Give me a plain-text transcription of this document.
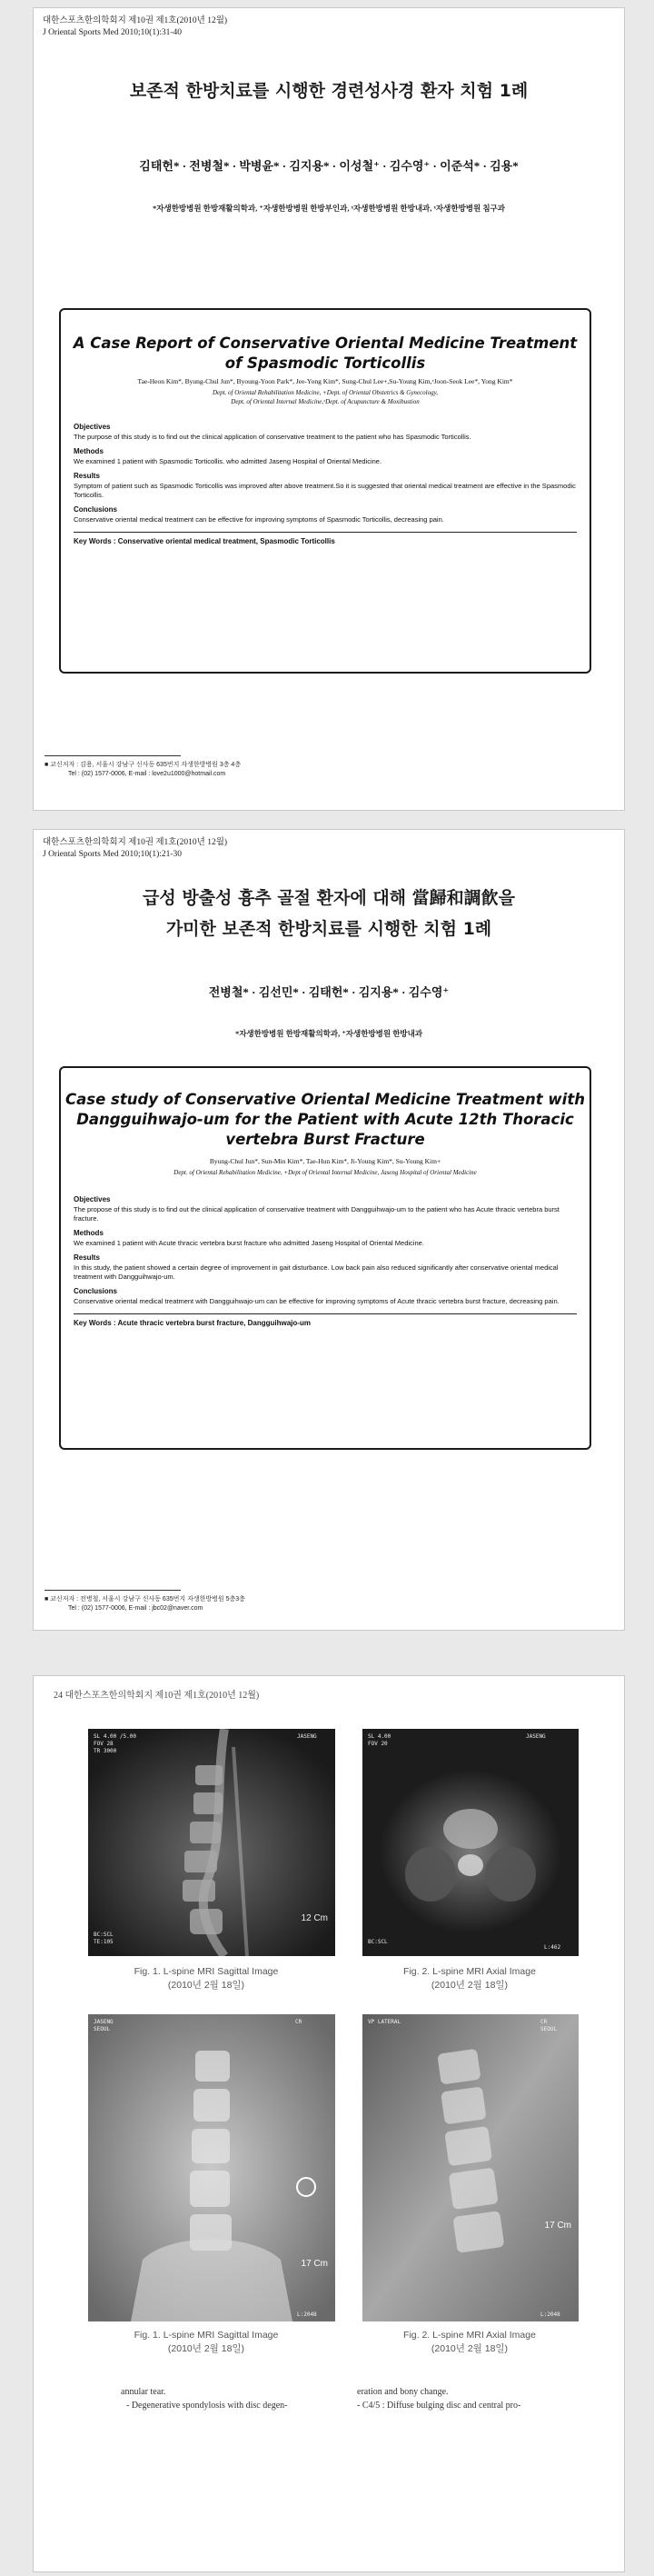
대한스포츠한의학회지 제10권 제1호(2010년 12월)
J Oriental Sports Med 2010;10(1):31-40
보존적 한방치료를 시행한 경련성사경 환자 치험 1례
김태헌* · 전병철* · 박병윤* · 김지용* · 이성철⁺ · 김수영⁺ · 이준석* · 김용*
*자생한방병원 한방재활의학과, ⁺자생한방병원 한방부인과, ˣ자생한방병원 한방내과, ˣ자생한방병원 침구과
A Case Report of Conservative Oriental Medicine Treatment
of Spasmodic Torticollis
Tae-Heon Kim*, Byung-Chul Jun*, Byoung-Yoon Park*, Jee-Yong Kim*, Sung-Chul Lee+,Su-Young Kim,ˣJoon-Seok Lee*, Yong Kim*
Dept. of Oriental Rehabilitation Medicine, +Dept. of Oriental Obstetrics & Gynecology,
Dept. of Oriental Internal Medicine,ˣDept. of Acupuncture & Moxibustion
Objectives
The purpose of this study is to find out the clinical application of conservative treatment to the patient who has Spasmodic Torticollis.
Methods
We examined 1 patient with Spasmodic Torticollis. who admitted Jaseng Hospital of Oriental Medicine.
Results
Symptom of patient such as Spasmodic Torticollis was improved after above treatment.So it is suggested that oriental medical treatment are effective in the Spasmodic Torticollis.
Conclusions
Conservative oriental medical treatment can be effective for improving symptoms of Spasmodic Torticollis, decreasing pain.
Key Words : Conservative oriental medical treatment, Spasmodic Torticollis
■ 교신저자 : 김용, 서울시 강남구 신사동 635번지 자생한방병원 3층 4층
Tel : (02) 1577-0006, E-mail : love2u1000@hotmail.com
대한스포츠한의학회지 제10권 제1호(2010년 12월)
J Oriental Sports Med 2010;10(1):21-30
급성 방출성 흉추 골절 환자에 대해 當歸和調飮을
가미한 보존적 한방치료를 시행한 치험 1례
전병철* · 김선민* · 김태헌* · 김지용* · 김수영⁺
*자생한방병원 한방재활의학과, ⁺자생한방병원 한방내과
Case study of Conservative Oriental Medicine Treatment with
Dangguihwajo-um for the Patient with Acute 12th Thoracic
vertebra Burst Fracture
Byung-Chul Jun*, Sun-Min Kim*, Tae-Hun Kim*, Ji-Young Kim*, Su-Young Kim+
Dept. of Oriental Rehabilitation Medicine, +Dept of Oriental Internal Medicine, Jaseng Hospital of Oriental Medicine
Objectives
The propose of this study is to find out the clinical application of conservative treatment with Dangguihwajo-um to the patient who has Acute thracic vertebra burst fracture.
Methods
We examined 1 patient with Acute thracic vertebra burst fracture who admitted Jaseng Hospital of Oriental Medicine.
Results
In this study, the patient showed a certain degree of improvement in gait disturbance. Low back pain also reduced significantly after conservative oriental medical treatment with Dangguihwajo-um.
Conclusions
Conservative oriental medical treatment with Dangguihwajo-um can be effective for improving symptoms of Acute thracic vertebra burst fracture, decreasing pain.
Key Words : Acute thracic vertebra burst fracture, Dangguihwajo-um
■ 교신저자 : 전병철, 서울시 강남구 신사동 635번지 자생한방병원 5층3층
Tel : (02) 1577-0006, E-mail : jbc02@naver.com
24 대한스포츠한의학회지 제10권 제1호(2010년 12월)
SL 4.00 /5.00
FOV 28
TR 3000
BC:SCL
TE:105
JASENG
12 Cm
SL 4.00
FOV 20
JASENG
BC:SCL
L:462
Fig. 1. L-spine MRI Sagittal Image
(2010년 2월 18일)
Fig. 2. L-spine MRI Axial Image
(2010년 2월 18일)
JASENG
SEOUL
CR
L:2048
17 Cm
VP LATERAL	CR
SEOUL
L:2048
17 Cm
Fig. 1. L-spine MRI Sagittal Image
(2010년 2월 18일)
Fig. 2. L-spine MRI Axial Image
(2010년 2월 18일)
annular tear.
- Degenerative spondylosis with disc degen-
eration and bony change.
- C4/5 : Diffuse bulging disc and central pro-
